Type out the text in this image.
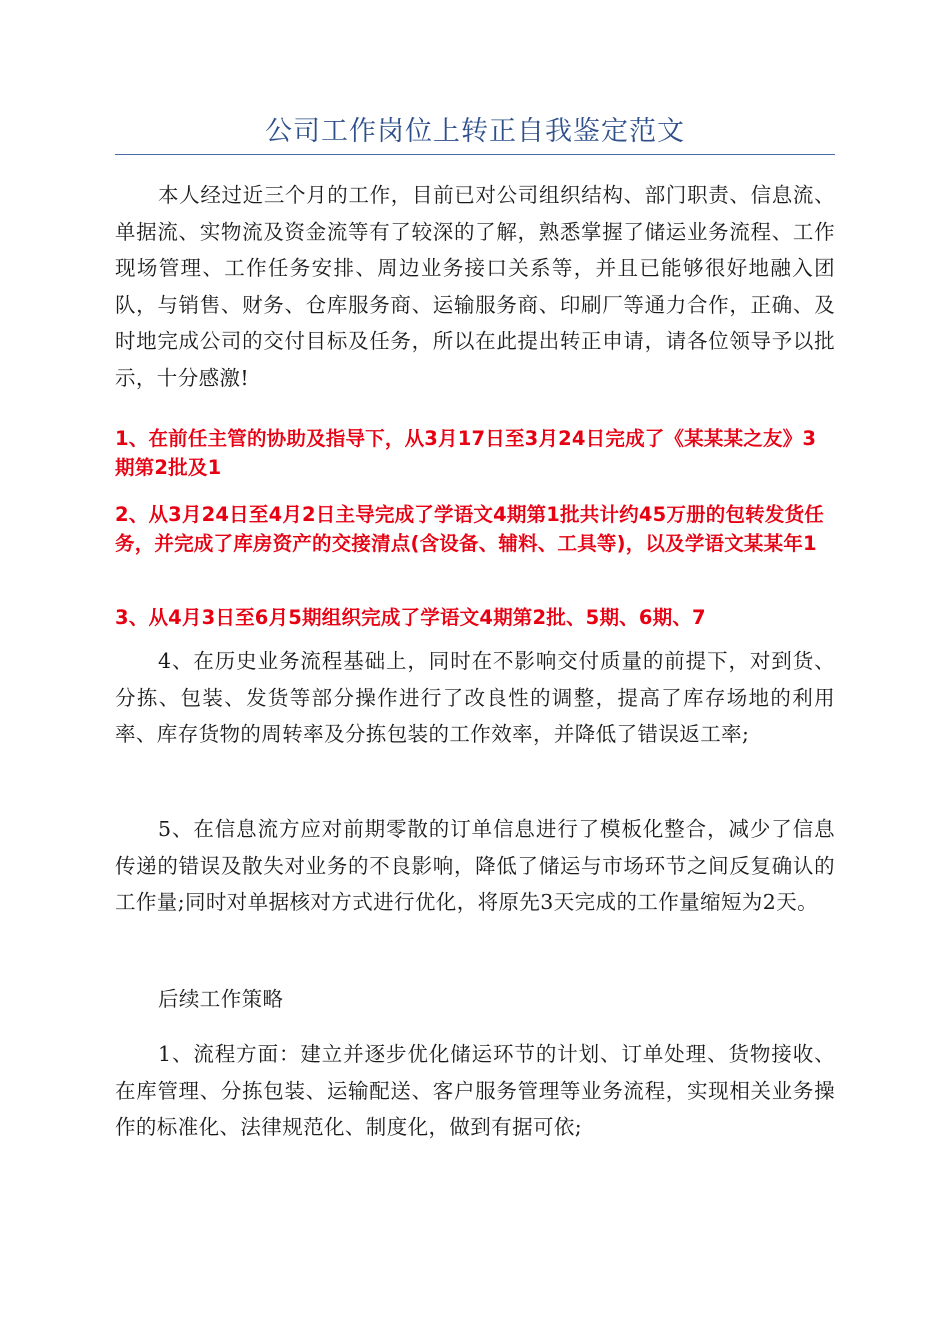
公司工作岗位上转正自我鉴定范文

本人经过近三个月的工作，目前已对公司组织结构、部门职责、信息流、单据流、实物流及资金流等有了较深的了解，熟悉掌握了储运业务流程、工作现场管理、工作任务安排、周边业务接口关系等，并且已能够很好地融入团队，与销售、财务、仓库服务商、运输服务商、印刷厂等通力合作，正确、及时地完成公司的交付目标及任务，所以在此提出转正申请，请各位领导予以批示，十分感激!

1、在前任主管的协助及指导下，从3月17日至3月24日完成了《某某某之友》3期第2批及1

2、从3月24日至4月2日主导完成了学语文4期第1批共计约45万册的包转发货任务，并完成了库房资产的交接清点(含设备、辅料、工具等)，以及学语文某某年1

3、从4月3日至6月5期组织完成了学语文4期第2批、5期、6期、7

4、在历史业务流程基础上，同时在不影响交付质量的前提下，对到货、分拣、包装、发货等部分操作进行了改良性的调整，提高了库存场地的利用率、库存货物的周转率及分拣包装的工作效率，并降低了错误返工率;

5、在信息流方应对前期零散的订单信息进行了模板化整合，减少了信息传递的错误及散失对业务的不良影响，降低了储运与市场环节之间反复确认的工作量;同时对单据核对方式进行优化，将原先3天完成的工作量缩短为2天。

后续工作策略

1、流程方面：建立并逐步优化储运环节的计划、订单处理、货物接收、在库管理、分拣包装、运输配送、客户服务管理等业务流程，实现相关业务操作的标准化、法律规范化、制度化，做到有据可依;
